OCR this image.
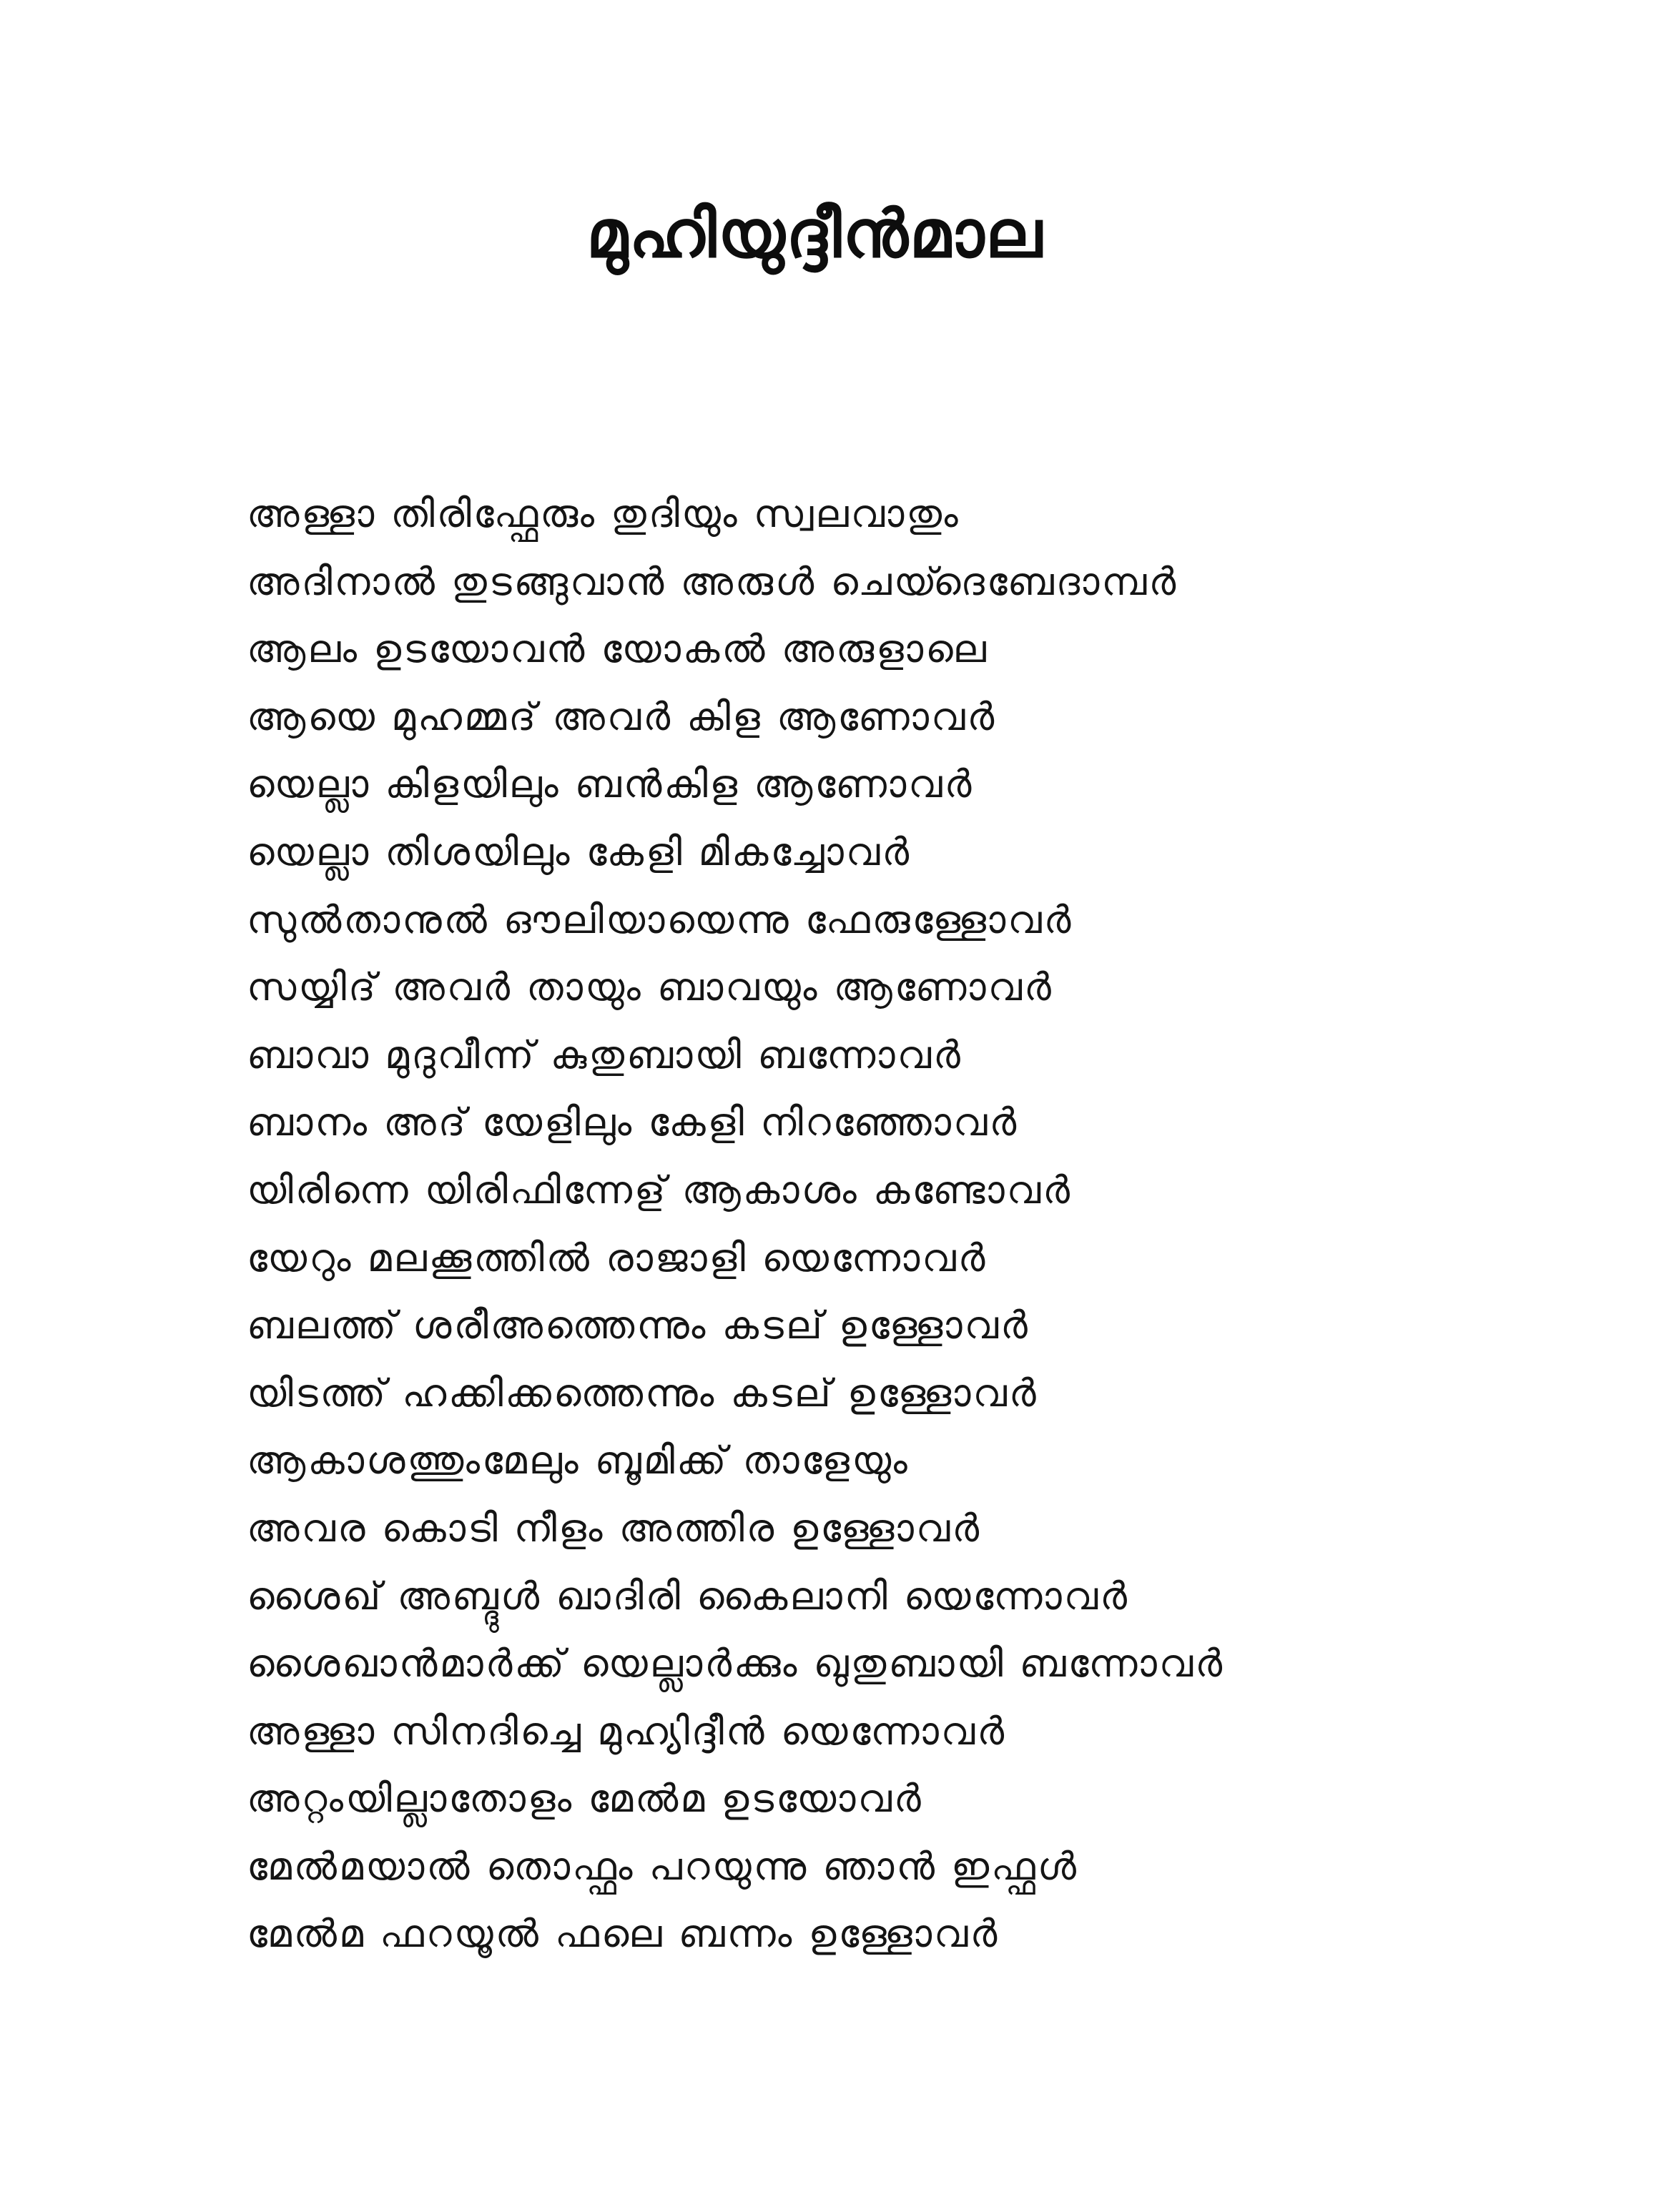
മുഹിയുദ്ദീൻമാല
അള്ളാ തിരിഫ്ഫേരും തുദിയും സ്വലവാതും
അദിനാൽ തുടങ്ങുവാൻ അരുൾ ചെയ്ദെബേദാമ്പർ
ആലം ഉടയോവൻ യോകൽ അരുളാലെ
ആയെ മുഹമ്മദ് അവർ കിള ആണോവർ
യെല്ലാ കിളയിലും ബൻകിള ആണോവർ
യെല്ലാ തിശയിലും കേളി മികച്ചോവർ
സുൽതാനുൽ ഔലിയായെന്നു ഫേരുള്ളോവർ
സയ്യിദ് അവർ തായും ബാവയും ആണോവർ
ബാവാ മുദുവീന്ന് കുതുബായി ബന്നോവർ
ബാനം അദ് യേളിലും കേളി നിറഞ്ഞോവർ
യിരിന്നെ യിരിഫിന്നേള് ആകാശം കണ്ടോവർ
യേറും മലക്കൂത്തിൽ രാജാളി യെന്നോവർ
ബലത്ത് ശരീഅത്തെന്നും കടല് ഉള്ളോവർ
യിടത്ത് ഹക്കിക്കത്തെന്നും കടല് ഉള്ളോവർ
ആകാശത്തുംമേലും ബൂമിക്ക് താളേയും
അവര കൊടി നീളം അത്തിര ഉള്ളോവർ
ശൈഖ് അബ്ദുൾ ഖാദിരി കൈലാനി യെന്നോവർ
ശൈഖാൻമാർക്ക് യെല്ലാർക്കും ഖുതുബായി ബന്നോവർ
അള്ളാ സിനദിച്ചെ മുഹ്യിദ്ദീൻ യെന്നോവർ
അറ്റംയില്ലാതോളം മേൽമ ഉടയോവർ
മേൽമയാൽ തൊഫ്ഫം പറയുന്നു ഞാൻ ഇഫ്ഫൾ
മേൽമ ഫറയൂൽ ഫലെ ബന്നം ഉള്ളോവർ
